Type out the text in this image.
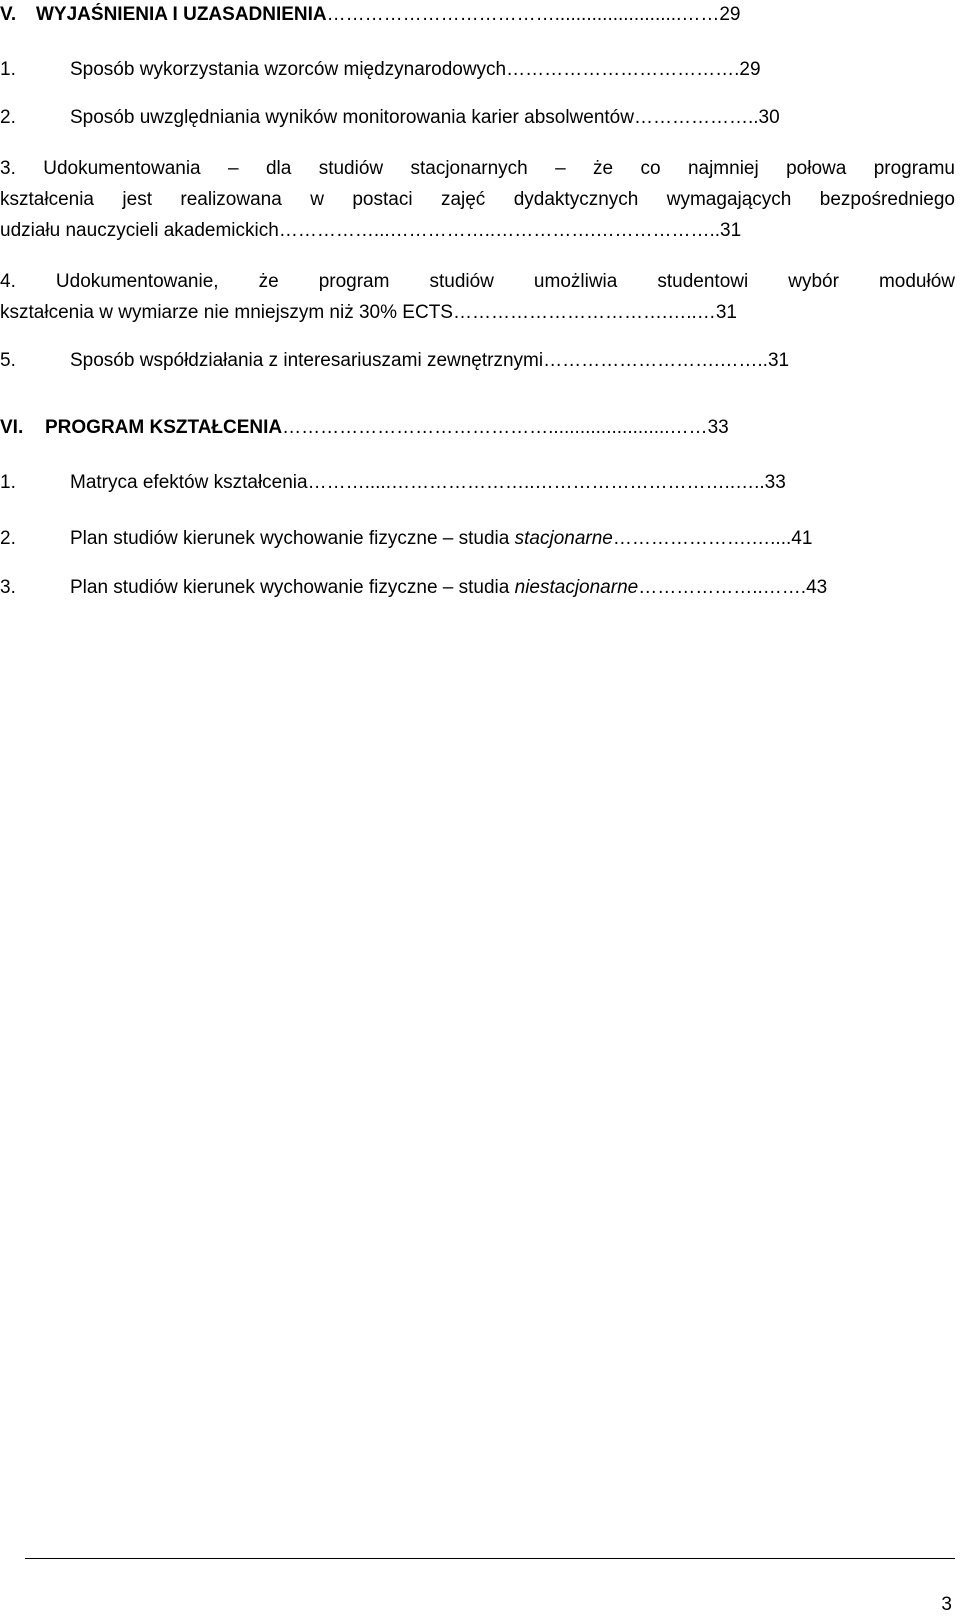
V. WYJAŚNIENIA I UZASADNIENIA………………………………........................……29
1.	Sposób wykorzystania wzorców międzynarodowych……………………………….29
2.	Sposób uwzględniania wyników monitorowania karier absolwentów………………..30
3. Udokumentowania – dla studiów stacjonarnych – że co najmniej połowa programu
kształcenia jest realizowana w postaci zajęć dydaktycznych wymagających bezpośredniego
udziału nauczycieli akademickich……………...……………..…………….………………..31
4. Udokumentowanie, że program studiów umożliwia studentowi wybór modułów
kształcenia w wymiarze nie mniejszym niż 30% ECTS…………………………….…..…31
5.	Sposób współdziałania z interesariuszami zewnętrznymi……………………….……..31
VI. PROGRAM KSZTAŁCENIA…………………………………….......................……33
1.	Matryca efektów kształcenia……….....…………………..…………………………..…..33
2.	Plan studiów kierunek wychowanie fizyczne – studia stacjonarne………………….…....41
3.	Plan studiów kierunek wychowanie fizyczne – studia niestacjonarne………………..…….43
3
